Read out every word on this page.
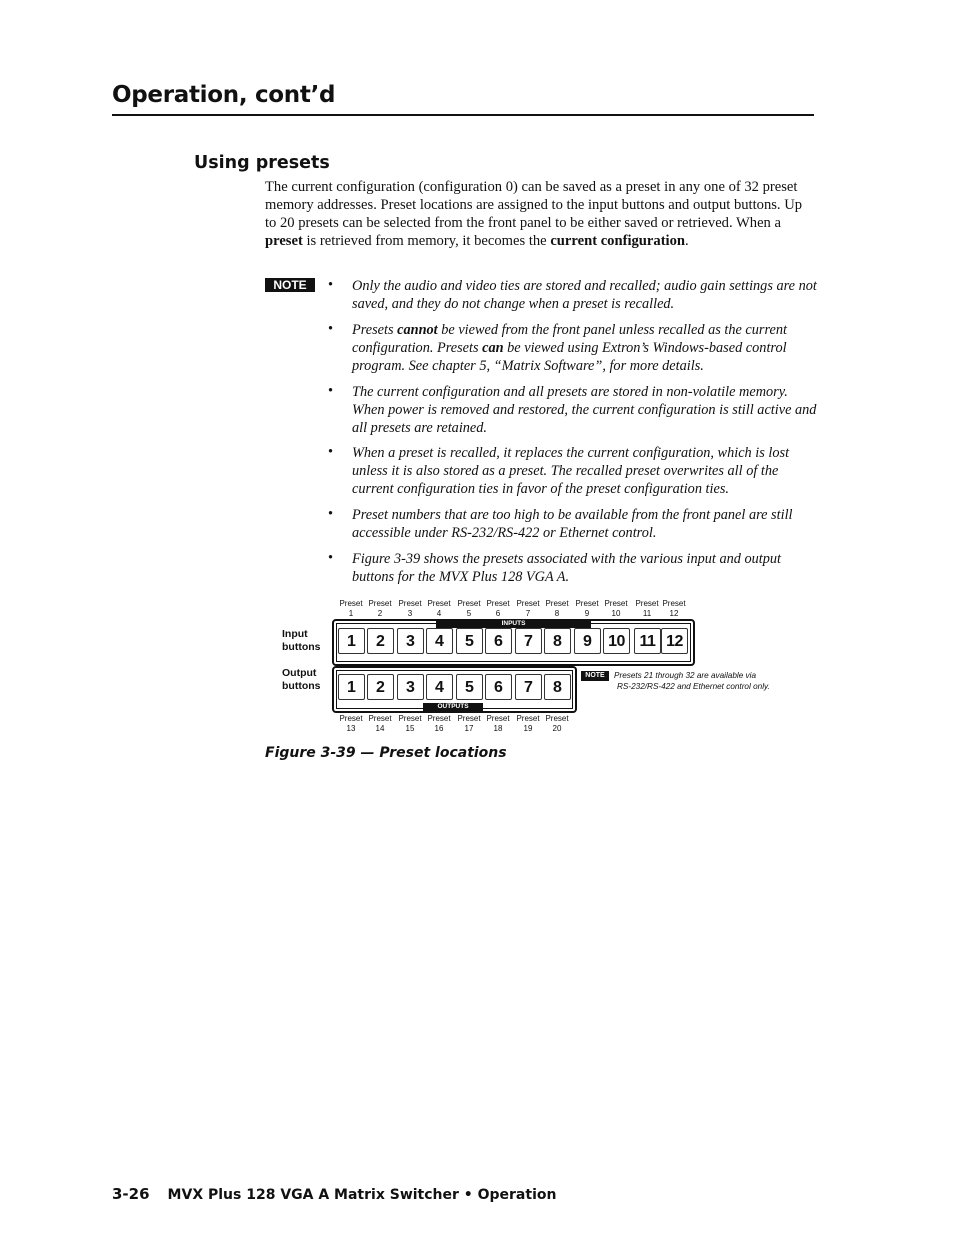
Operation, cont’d
Using presets
The current configuration (configuration 0) can be saved as a preset in any one of 32 preset memory addresses. Preset locations are assigned to the input buttons and output buttons. Up to 20 presets can be selected from the front panel to be either saved or retrieved. When a preset is retrieved from memory, it becomes the current configuration.
NOTE	• Only the audio and video ties are stored and recalled; audio gain settings are not saved, and they do not change when a preset is recalled.
• Presets cannot be viewed from the front panel unless recalled as the current configuration. Presets can be viewed using Extron’s Windows-based control program. See chapter 5, “Matrix Software”, for more details.
• The current configuration and all presets are stored in non-volatile memory. When power is removed and restored, the current configuration is still active and all presets are retained.
• When a preset is recalled, it replaces the current configuration, which is lost unless it is also stored as a preset. The recalled preset overwrites all of the current configuration ties in favor of the preset configuration ties.
• Preset numbers that are too high to be available from the front panel are still accessible under RS-232/RS-422 or Ethernet control.
• Figure 3-39 shows the presets associated with the various input and output buttons for the MVX Plus 128 VGA A.
Preset
1
Preset
2
Preset
3
Preset
4
Preset
5
Preset
6
Preset
7
Preset
8
Preset
9
Preset
10
Preset
11
Preset
12
Input
buttons
Output
buttons
INPUTS
1	2	3	4	5	6	7	8	9	10 11 12
OUTPUTS
1	2	3	4	5	6	7	8
Preset
13
Preset
14
Preset
15
Preset
16
Preset
17
Preset
18
Preset
19
Preset
20
NOTE	Presets 21 through 32 are available via
RS-232/RS-422 and Ethernet control only.
Figure 3-39 — Preset locations
3-26 MVX Plus 128 VGA A Matrix Switcher • Operation
